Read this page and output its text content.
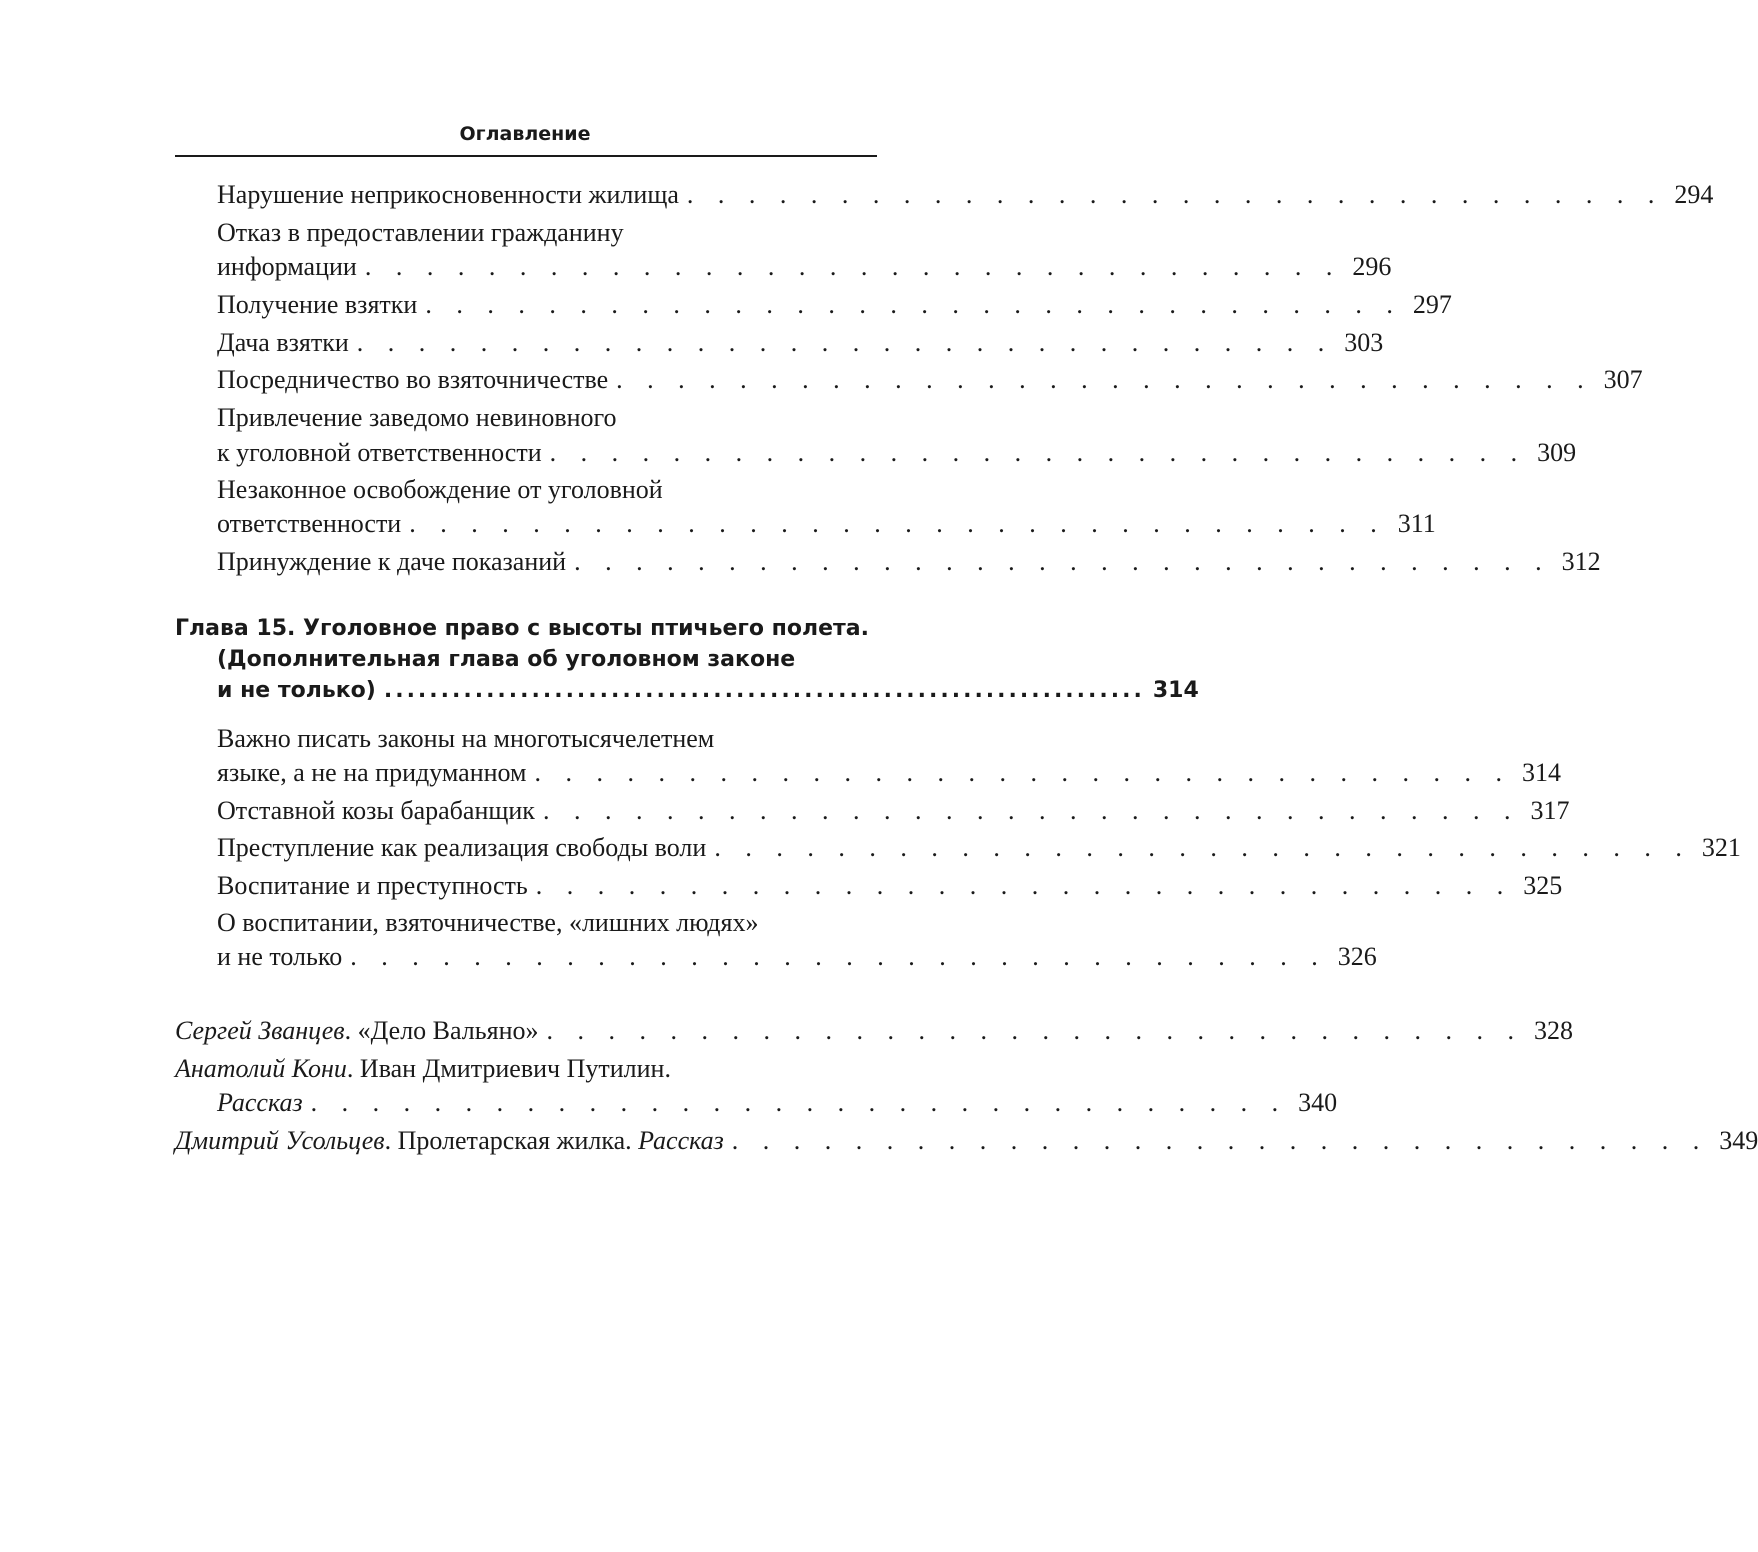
Оглавление
Нарушение неприкосновенности жилища . . . . . . . . . . . . . . . . . . . . . . . . . . . . . . . . 294
Отказ в предоставлении гражданину
информации . . . . . . . . . . . . . . . . . . . . . . . . . . . . . . . . 296
Получение взятки . . . . . . . . . . . . . . . . . . . . . . . . . . . . . . . . 297
Дача взятки . . . . . . . . . . . . . . . . . . . . . . . . . . . . . . . . 303
Посредничество во взяточничестве . . . . . . . . . . . . . . . . . . . . . . . . . . . . . . . . 307
Привлечение заведомо невиновного
к уголовной ответственности . . . . . . . . . . . . . . . . . . . . . . . . . . . . . . . . 309
Незаконное освобождение от уголовной
ответственности . . . . . . . . . . . . . . . . . . . . . . . . . . . . . . . . 311
Принуждение к даче показаний . . . . . . . . . . . . . . . . . . . . . . . . . . . . . . . . 312
Глава 15. Уголовное право с высоты птичьего полета.
(Дополнительная глава об уголовном законе
и не только) ................................................................... 314
Важно писать законы на многотысячелетнем
языке, а не на придуманном . . . . . . . . . . . . . . . . . . . . . . . . . . . . . . . . 314
Отставной козы барабанщик . . . . . . . . . . . . . . . . . . . . . . . . . . . . . . . . 317
Преступление как реализация свободы воли . . . . . . . . . . . . . . . . . . . . . . . . . . . . . . . . 321
Воспитание и преступность . . . . . . . . . . . . . . . . . . . . . . . . . . . . . . . . 325
О воспитании, взяточничестве, «лишних людях»
и не только . . . . . . . . . . . . . . . . . . . . . . . . . . . . . . . . 326
Сергей Званцев. «Дело Вальяно» . . . . . . . . . . . . . . . . . . . . . . . . . . . . . . . . 328
Анатолий Кони. Иван Дмитриевич Путилин.
Рассказ . . . . . . . . . . . . . . . . . . . . . . . . . . . . . . . . 340
Дмитрий Усольцев. Пролетарская жилка. Рассказ . . . . . . . . . . . . . . . . . . . . . . . . . . . . . . . . 349
